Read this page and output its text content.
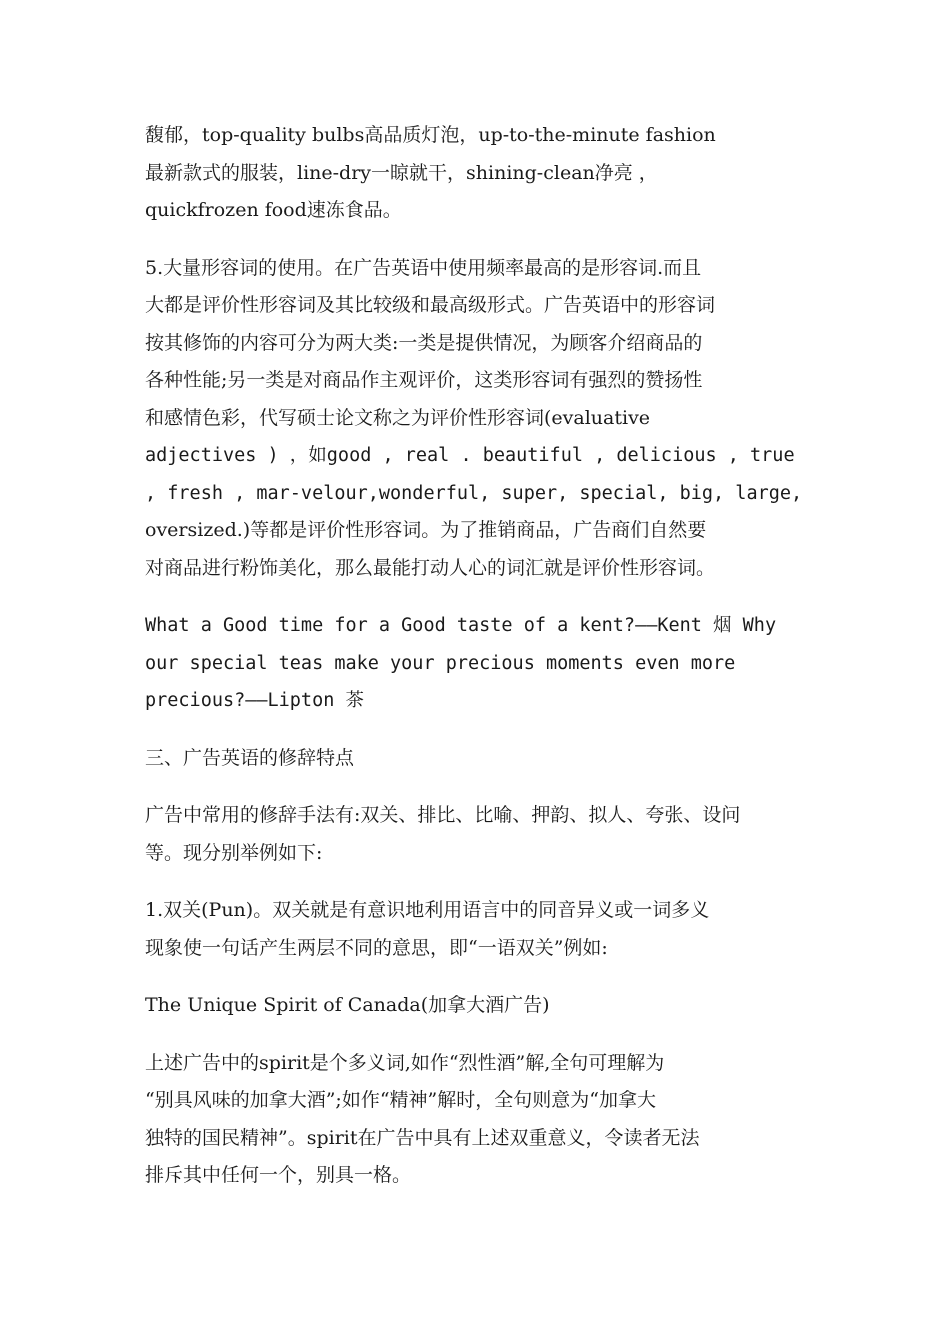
馥郁，top-quality bulbs高品质灯泡，up-to-the-minute fashion
最新款式的服装，line-dry一晾就干，shining-clean净亮 ，
quickfrozen food速冻食品。

5.大量形容词的使用。在广告英语中使用频率最高的是形容词.而且
大都是评价性形容词及其比较级和最高级形式。广告英语中的形容词
按其修饰的内容可分为两大类:一类是提供情况，为顾客介绍商品的
各种性能;另一类是对商品作主观评价，这类形容词有强烈的赞扬性
和感情色彩，代写硕士论文称之为评价性形容词(evaluative
adjectives ) ，如good , real . beautiful , delicious , true
, fresh , mar-velour,wonderful, super, special, big, large,
oversized.)等都是评价性形容词。为了推销商品，广告商们自然要
对商品进行粉饰美化，那么最能打动人心的词汇就是评价性形容词。

What a Good time for a Good taste of a kent?——Kent 烟 Why
our special teas make your precious moments even more
precious?——Lipton 茶

三、广告英语的修辞特点

广告中常用的修辞手法有:双关、排比、比喻、押韵、拟人、夸张、设问
等。现分别举例如下:

1.双关(Pun)。双关就是有意识地利用语言中的同音异义或一词多义
现象使一句话产生两层不同的意思，即“一语双关”例如:

The Unique Spirit of Canada(加拿大酒广告)

上述广告中的spirit是个多义词,如作“烈性酒”解,全句可理解为
“别具风味的加拿大酒”;如作“精神”解时，全句则意为“加拿大
独特的国民精神”。spirit在广告中具有上述双重意义，令读者无法
排斥其中任何一个，别具一格。
